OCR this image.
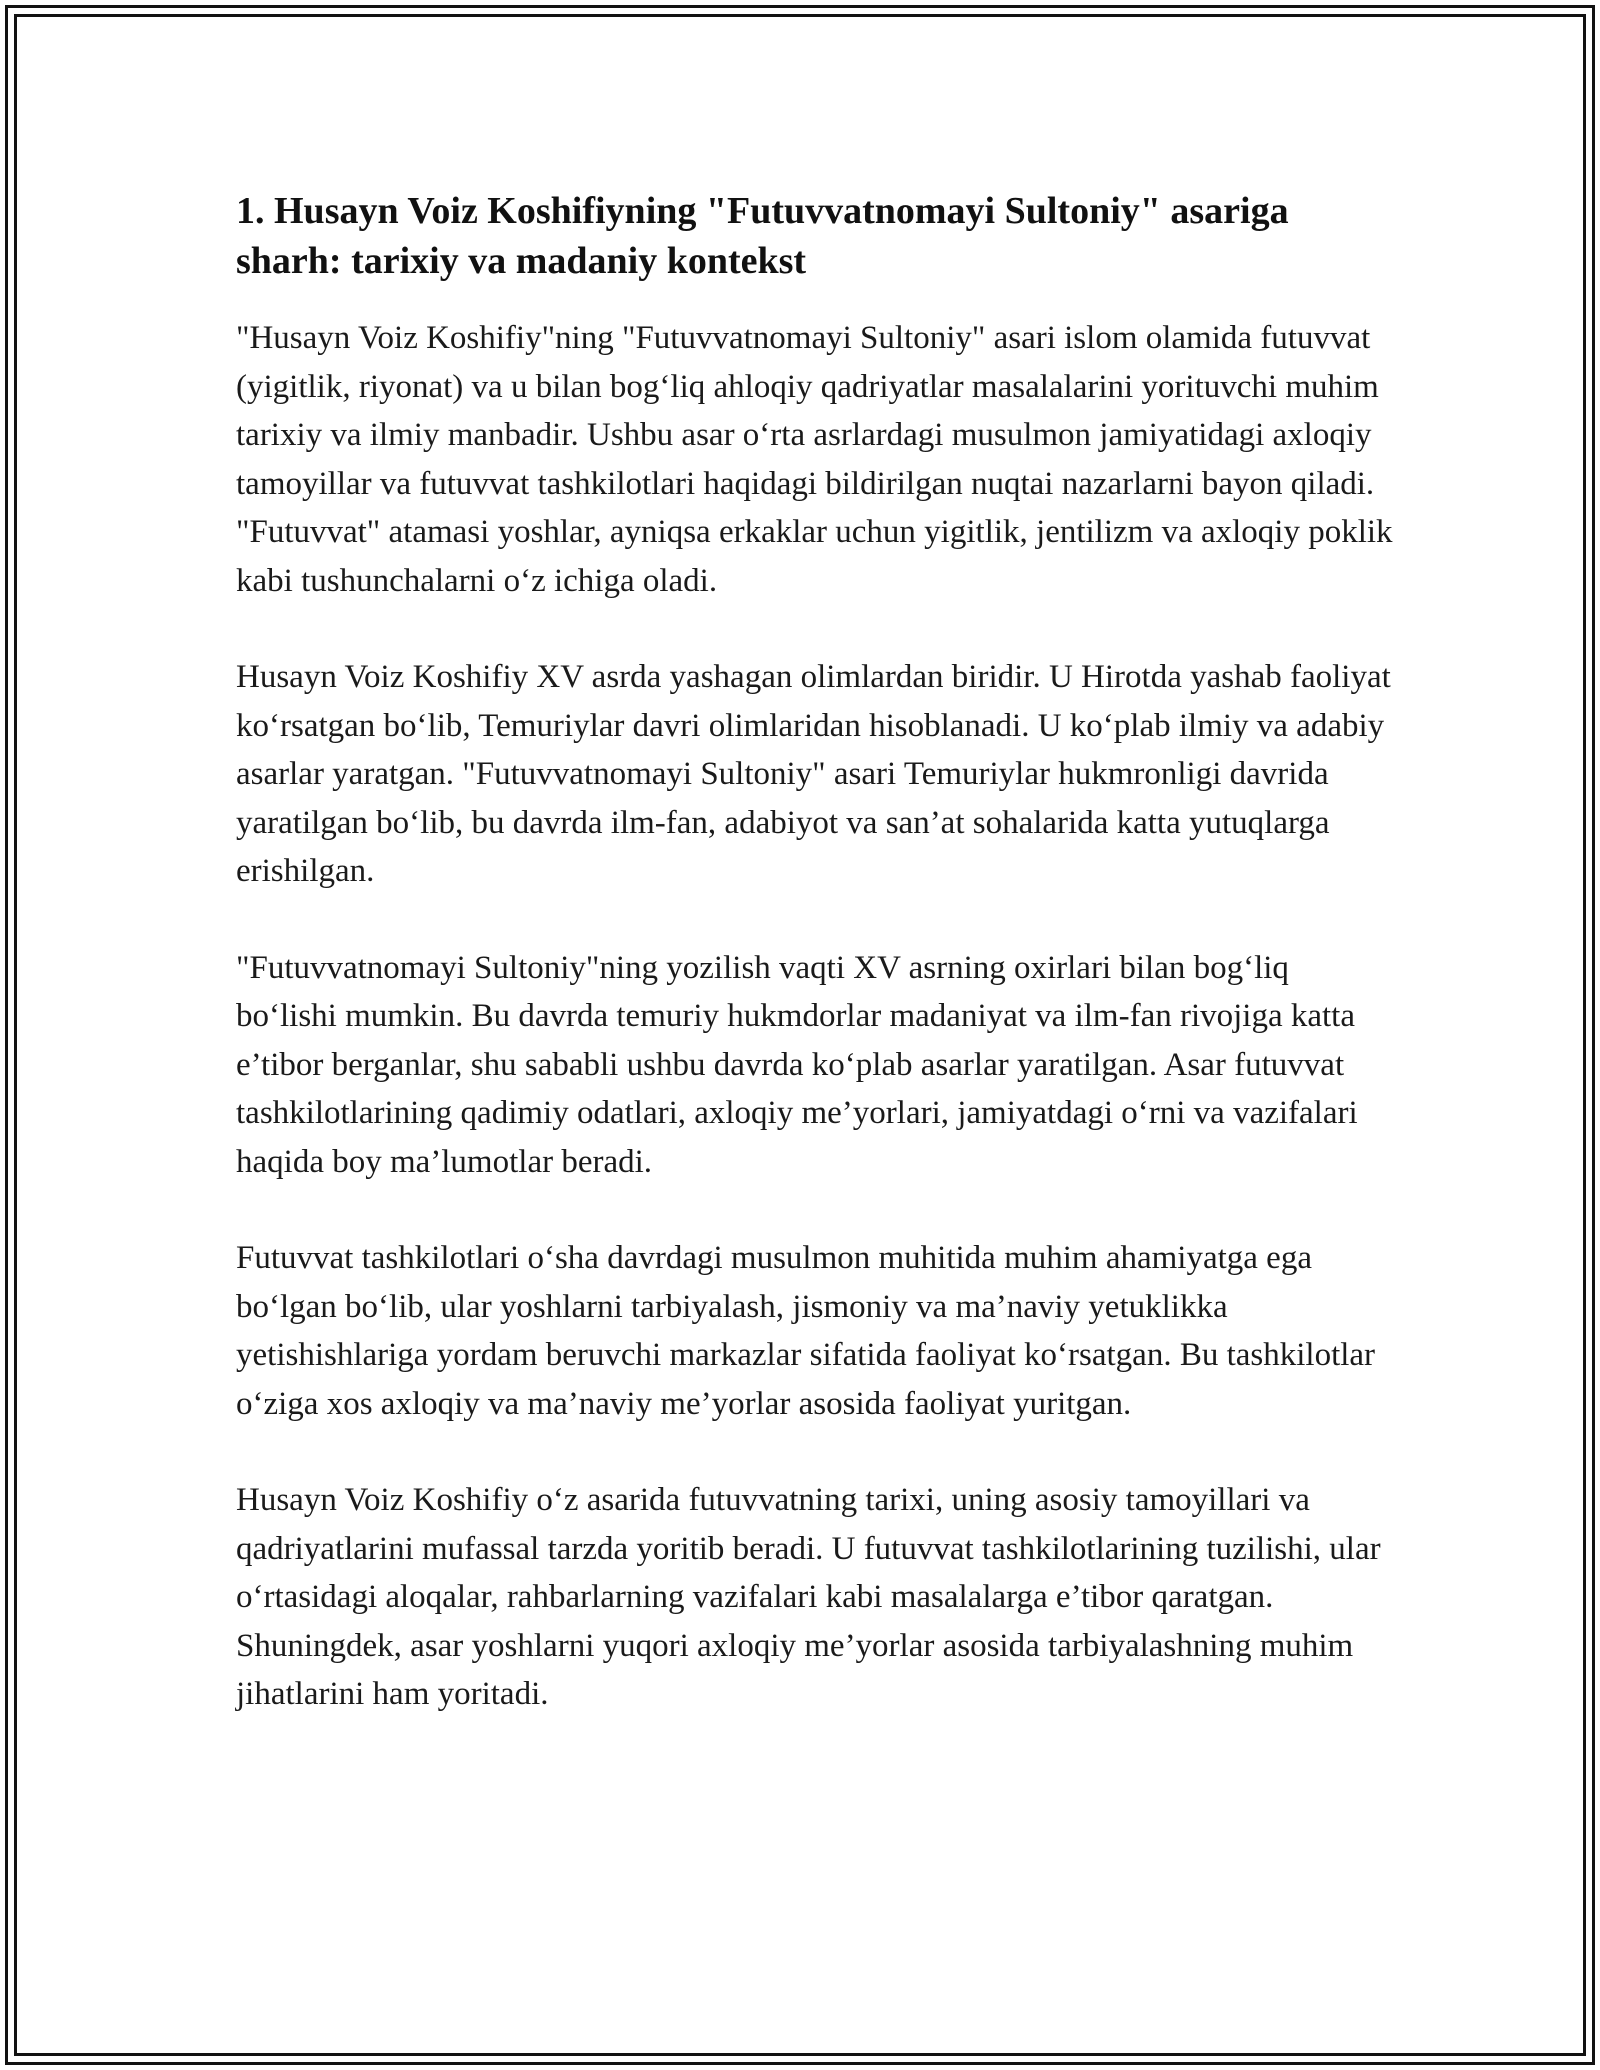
1. Husayn Voiz Koshifiyning "Futuvvatnomayi Sultoniy" asariga sharh: tarixiy va madaniy kontekst

"Husayn Voiz Koshifiy"ning "Futuvvatnomayi Sultoniy" asari islom olamida futuvvat (yigitlik, riyonat) va u bilan bog‘liq ahloqiy qadriyatlar masalalarini yorituvchi muhim tarixiy va ilmiy manbadir. Ushbu asar o‘rta asrlardagi musulmon jamiyatidagi axloqiy tamoyillar va futuvvat tashkilotlari haqidagi bildirilgan nuqtai nazarlarni bayon qiladi. "Futuvvat" atamasi yoshlar, ayniqsa erkaklar uchun yigitlik, jentilizm va axloqiy poklik kabi tushunchalarni o‘z ichiga oladi.

Husayn Voiz Koshifiy XV asrda yashagan olimlardan biridir. U Hirotda yashab faoliyat ko‘rsatgan bo‘lib, Temuriylar davri olimlaridan hisoblanadi. U ko‘plab ilmiy va adabiy asarlar yaratgan. "Futuvvatnomayi Sultoniy" asari Temuriylar hukmronligi davrida yaratilgan bo‘lib, bu davrda ilm-fan, adabiyot va san’at sohalarida katta yutuqlarga erishilgan.

"Futuvvatnomayi Sultoniy"ning yozilish vaqti XV asrning oxirlari bilan bog‘liq bo‘lishi mumkin. Bu davrda temuriy hukmdorlar madaniyat va ilm-fan rivojiga katta e’tibor berganlar, shu sababli ushbu davrda ko‘plab asarlar yaratilgan. Asar futuvvat tashkilotlarining qadimiy odatlari, axloqiy me’yorlari, jamiyatdagi o‘rni va vazifalari haqida boy ma’lumotlar beradi.

Futuvvat tashkilotlari o‘sha davrdagi musulmon muhitida muhim ahamiyatga ega bo‘lgan bo‘lib, ular yoshlarni tarbiyalash, jismoniy va ma’naviy yetuklikka yetishishlariga yordam beruvchi markazlar sifatida faoliyat ko‘rsatgan. Bu tashkilotlar o‘ziga xos axloqiy va ma’naviy me’yorlar asosida faoliyat yuritgan.

Husayn Voiz Koshifiy o‘z asarida futuvvatning tarixi, uning asosiy tamoyillari va qadriyatlarini mufassal tarzda yoritib beradi. U futuvvat tashkilotlarining tuzilishi, ular o‘rtasidagi aloqalar, rahbarlarning vazifalari kabi masalalarga e’tibor qaratgan. Shuningdek, asar yoshlarni yuqori axloqiy me’yorlar asosida tarbiyalashning muhim jihatlarini ham yoritadi.
